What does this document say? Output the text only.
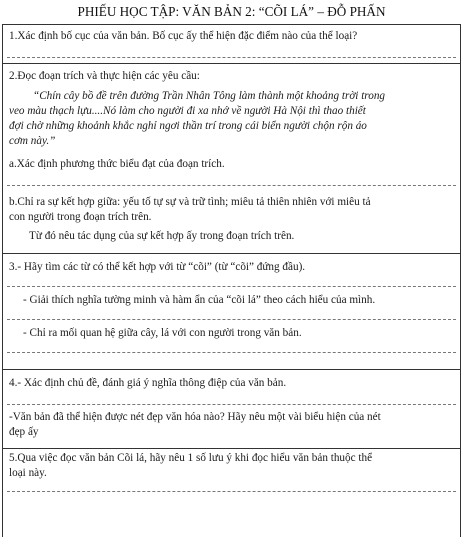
PHIẾU HỌC TẬP: VĂN BẢN 2: “CÕI LÁ” – ĐỖ PHẤN
1.Xác định bố cục của văn bản. Bố cục ấy thể hiện đặc điểm nào của thể loại?
2.Đọc đoạn trích và thực hiện các yêu cầu:
“Chín cây bồ đề trên đường Trần Nhân Tông làm thành một khoảng trời trong
veo màu thạch lựu....Nó làm cho người đi xa nhớ về người Hà Nội thì thao thiết
đợi chờ những khoảnh khắc nghỉ ngơi thần trí trong cái biển người chộn rộn áo
cơm này.”
a.Xác định phương thức biểu đạt của đoạn trích.
b.Chỉ ra sự kết hợp giữa: yếu tố tự sự và trữ tình; miêu tả thiên nhiên với miêu tả
con người trong đoạn trích trên.
Từ đó nêu tác dụng của sự kết hợp ấy trong đoạn trích trên.
3.- Hãy tìm các từ có thể kết hợp với từ “cõi” (từ “cõi” đứng đầu).
- Giải thích nghĩa tường minh và hàm ẩn của “cõi lá” theo cách hiểu của mình.
- Chỉ ra mối quan hệ giữa cây, lá với con người trong văn bản.
4.- Xác định chủ đề, đánh giá ý nghĩa thông điệp của văn bản.
-Văn bản đã thể hiện được nét đẹp văn hóa nào? Hãy nêu một vài biểu hiện của nét
đẹp ấy
5.Qua việc đọc văn bản Cõi lá, hãy nêu 1 số lưu ý khi đọc hiểu văn bản thuộc thể
loại này.
